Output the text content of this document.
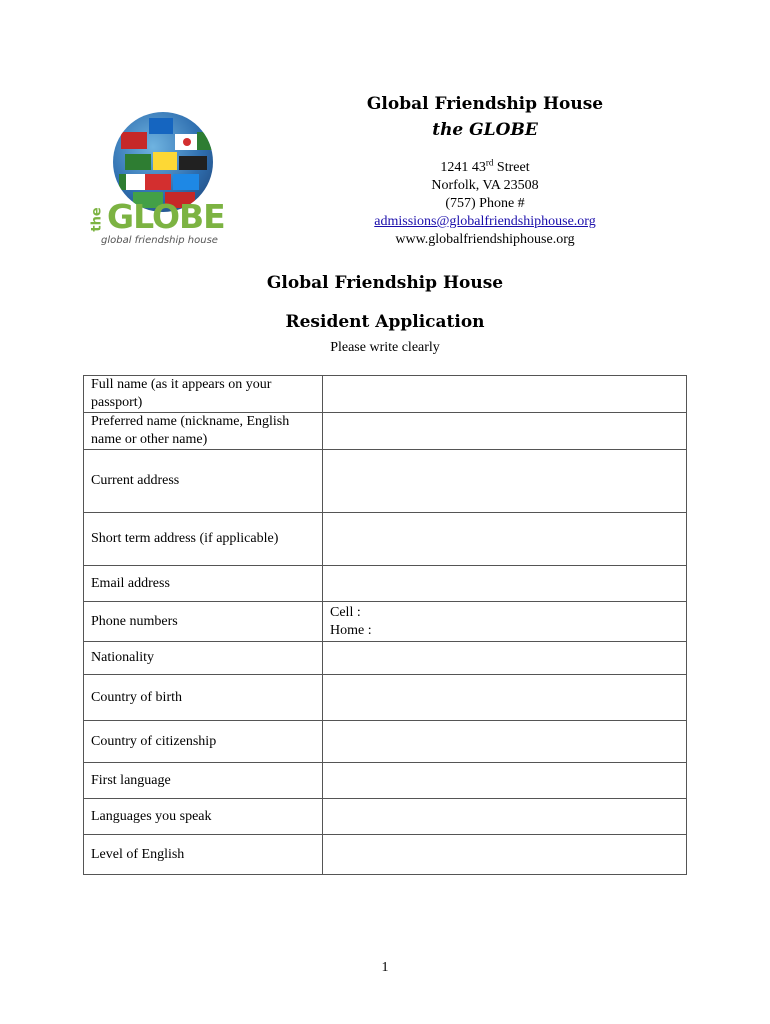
the GLOBE
global friendship house
Global Friendship House
the GLOBE
1241 43rd Street
Norfolk, VA 23508
(757) Phone #
admissions@globalfriendshiphouse.org
www.globalfriendshiphouse.org
Global Friendship House
Resident Application
Please write clearly
Full name (as it appears on your passport)	
Preferred name (nickname, English name or other name)	
Current address	
Short term address (if applicable)	
Email address	
Phone numbers	Cell :
Home :

Nationality	
Country of birth	
Country of citizenship	
First language	
Languages you speak	
Level of English	
1
